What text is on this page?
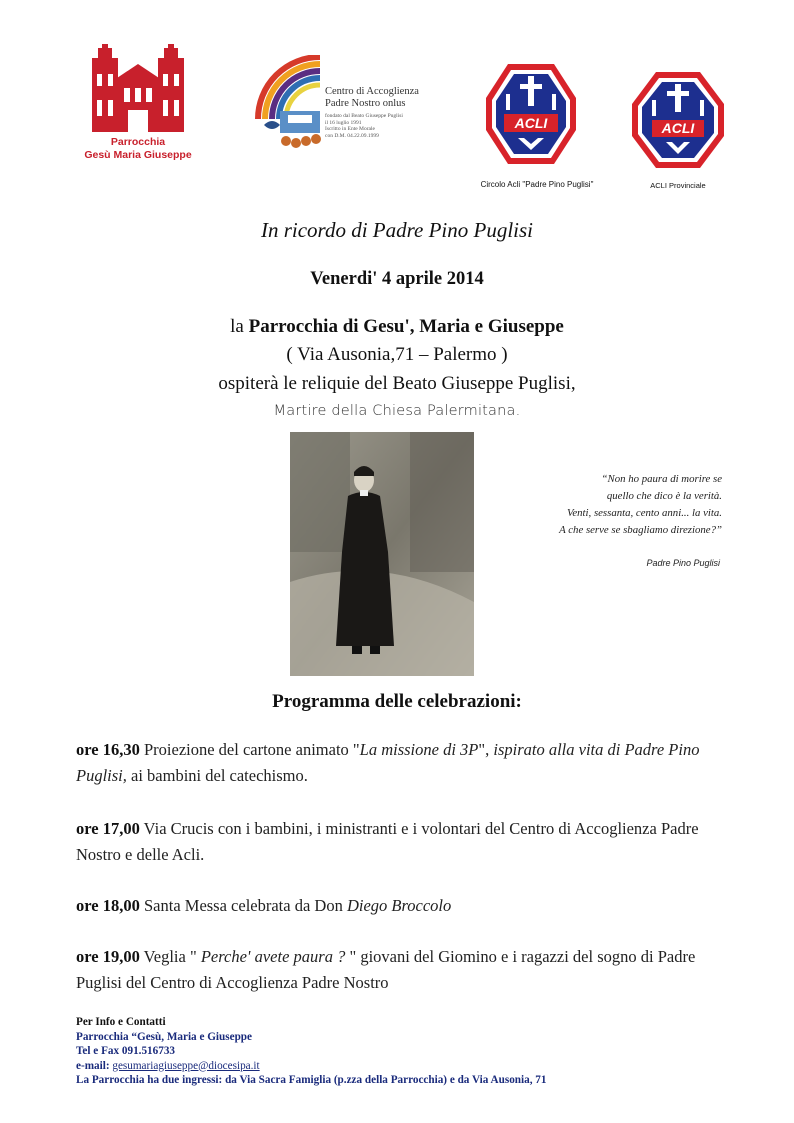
Parrocchia
Gesù Maria Giuseppe
Centro di Accoglienza
Padre Nostro onlus
fondato dal Beato Giuseppe Puglisi
il 16 luglio 1991
Iscritto in Ente Morale
con D.M. 04.22.09.1999
ACLI	ACLI
Circolo Acli "Padre Pino Puglisi"	ACLI Provinciale
In ricordo di Padre Pino Puglisi
Venerdi' 4 aprile 2014
la Parrocchia di Gesu', Maria e Giuseppe
( Via Ausonia,71 – Palermo )
ospiterà le reliquie del Beato Giuseppe Puglisi,
Martire della Chiesa Palermitana.
“Non ho paura di morire se
quello che dico è la verità.
Venti, sessanta, cento anni... la vita.
A che serve se sbagliamo direzione?”
Padre Pino Puglisi
Programma delle celebrazioni:
ore 16,30 Proiezione del cartone animato "La missione di 3P", ispirato alla vita di Padre Pino Puglisi, ai bambini del catechismo.
ore 17,00 Via Crucis con i bambini, i ministranti e i volontari del Centro di Accoglienza Padre Nostro e delle Acli.
ore 18,00 Santa Messa celebrata da Don Diego Broccolo
ore 19,00 Veglia " Perche' avete paura ? " giovani del Giomino e i ragazzi del sogno di Padre Puglisi del Centro di Accoglienza Padre Nostro
Per Info e Contatti
Parrocchia “Gesù, Maria e Giuseppe
Tel e Fax 091.516733
e-mail: gesumariagiuseppe@diocesipa.it
La Parrocchia ha due ingressi: da Via Sacra Famiglia (p.zza della Parrocchia) e da Via Ausonia, 71
